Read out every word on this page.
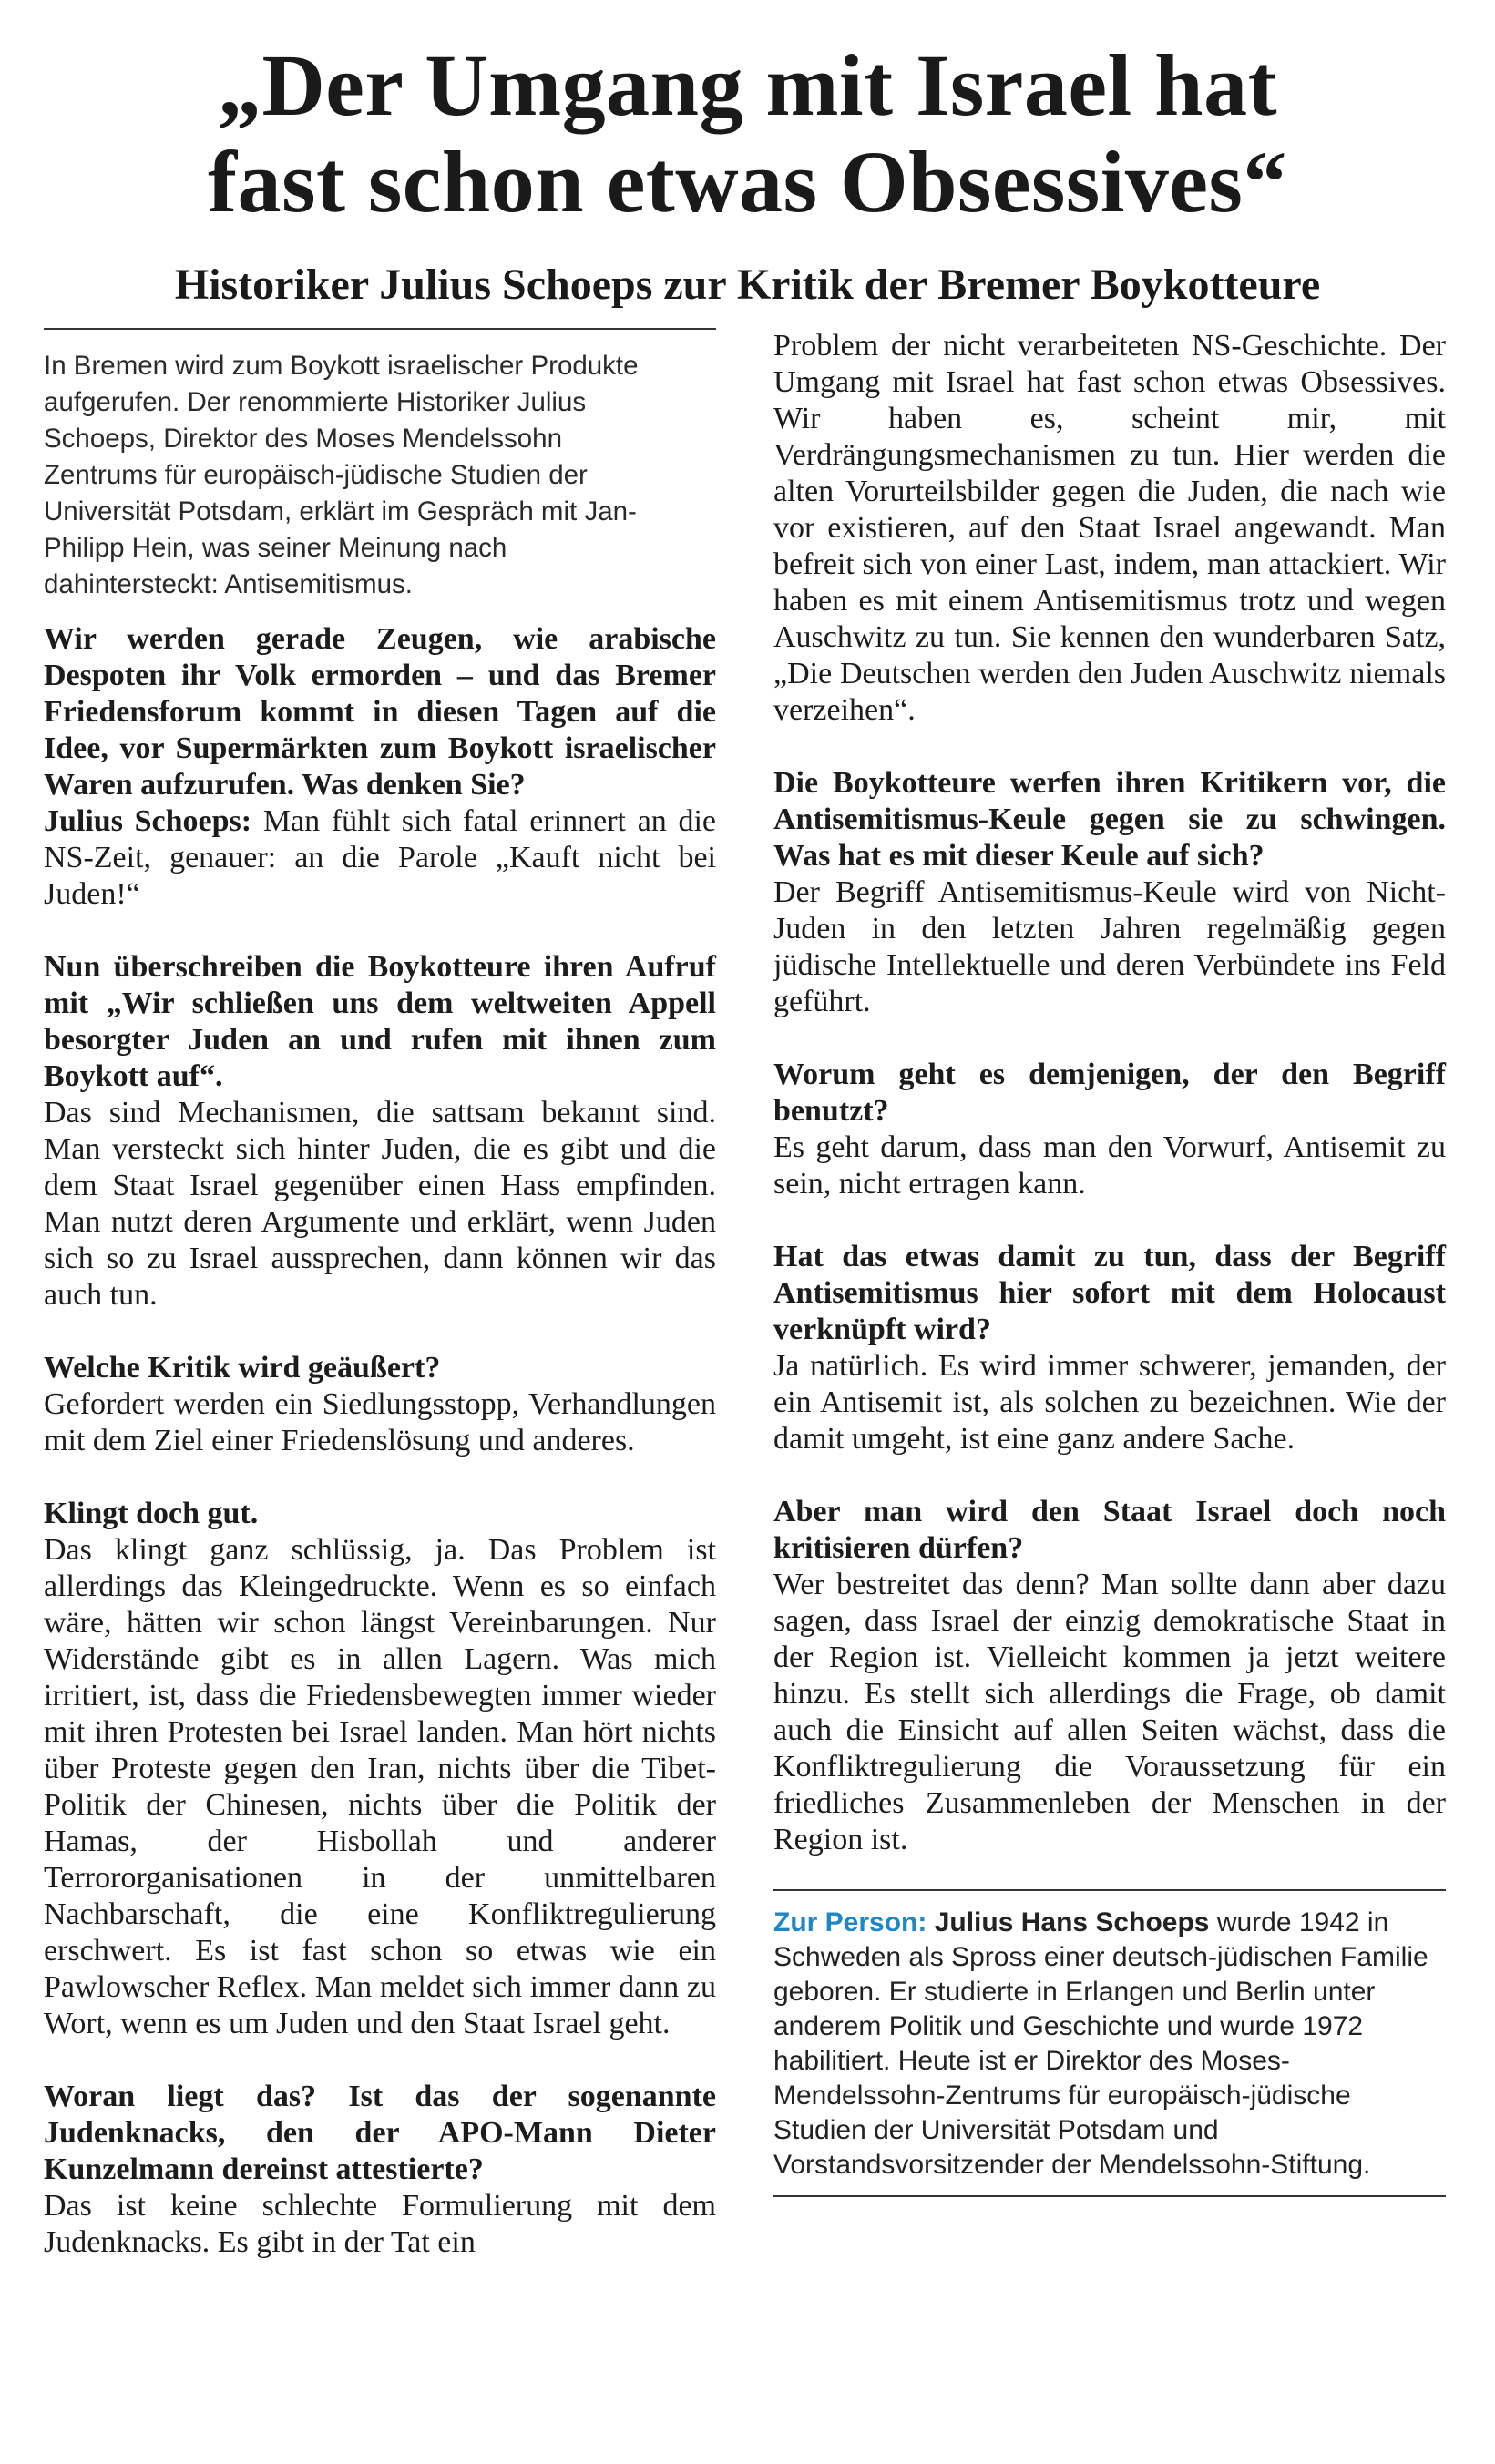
„Der Umgang mit Israel hat
fast schon etwas Obsessives“
Historiker Julius Schoeps zur Kritik der Bremer Boykotteure

In Bremen wird zum Boykott israelischer Produkte aufgerufen. Der renommierte Historiker Julius Schoeps, Direktor des Moses Mendelssohn Zentrums für europäisch-jüdische Studien der Universität Potsdam, erklärt im Gespräch mit Jan-Philipp Hein, was seiner Meinung nach dahintersteckt: Antisemitismus.

Wir werden gerade Zeugen, wie arabische Despoten ihr Volk ermorden – und das Bremer Friedensforum kommt in diesen Tagen auf die Idee, vor Supermärkten zum Boykott israelischer Waren aufzurufen. Was denken Sie?

Julius Schoeps: Man fühlt sich fatal erinnert an die NS-Zeit, genauer: an die Parole „Kauft nicht bei Juden!“

Nun überschreiben die Boykotteure ihren Aufruf mit „Wir schließen uns dem weltweiten Appell besorgter Juden an und rufen mit ihnen zum Boykott auf“.

Das sind Mechanismen, die sattsam bekannt sind. Man versteckt sich hinter Juden, die es gibt und die dem Staat Israel gegenüber einen Hass empfinden. Man nutzt deren Argumente und erklärt, wenn Juden sich so zu Israel aussprechen, dann können wir das auch tun.

Welche Kritik wird geäußert?

Gefordert werden ein Siedlungsstopp, Verhandlungen mit dem Ziel einer Friedenslösung und anderes.

Klingt doch gut.

Das klingt ganz schlüssig, ja. Das Problem ist allerdings das Kleingedruckte. Wenn es so einfach wäre, hätten wir schon längst Vereinbarungen. Nur Widerstände gibt es in allen Lagern. Was mich irritiert, ist, dass die Friedensbewegten immer wieder mit ihren Protesten bei Israel landen. Man hört nichts über Proteste gegen den Iran, nichts über die Tibet-Politik der Chinesen, nichts über die Politik der Hamas, der Hisbollah und anderer Terrororganisationen in der unmittelbaren Nachbarschaft, die eine Konfliktregulierung erschwert. Es ist fast schon so etwas wie ein Pawlowscher Reflex. Man meldet sich immer dann zu Wort, wenn es um Juden und den Staat Israel geht.

Woran liegt das? Ist das der sogenannte Judenknacks, den der APO-Mann Dieter Kunzelmann dereinst attestierte?

Das ist keine schlechte Formulierung mit dem Judenknacks. Es gibt in der Tat ein

Problem der nicht verarbeiteten NS-Geschichte. Der Umgang mit Israel hat fast schon etwas Obsessives. Wir haben es, scheint mir, mit Verdrängungsmechanismen zu tun. Hier werden die alten Vorurteilsbilder gegen die Juden, die nach wie vor existieren, auf den Staat Israel angewandt. Man befreit sich von einer Last, indem, man attackiert. Wir haben es mit einem Antisemitismus trotz und wegen Auschwitz zu tun. Sie kennen den wunderbaren Satz, „Die Deutschen werden den Juden Auschwitz niemals verzeihen“.

Die Boykotteure werfen ihren Kritikern vor, die Antisemitismus-Keule gegen sie zu schwingen. Was hat es mit dieser Keule auf sich?

Der Begriff Antisemitismus-Keule wird von Nicht-Juden in den letzten Jahren regelmäßig gegen jüdische Intellektuelle und deren Verbündete ins Feld geführt.

Worum geht es demjenigen, der den Begriff benutzt?

Es geht darum, dass man den Vorwurf, Antisemit zu sein, nicht ertragen kann.

Hat das etwas damit zu tun, dass der Begriff Antisemitismus hier sofort mit dem Holocaust verknüpft wird?

Ja natürlich. Es wird immer schwerer, jemanden, der ein Antisemit ist, als solchen zu bezeichnen. Wie der damit umgeht, ist eine ganz andere Sache.

Aber man wird den Staat Israel doch noch kritisieren dürfen?

Wer bestreitet das denn? Man sollte dann aber dazu sagen, dass Israel der einzig demokratische Staat in der Region ist. Vielleicht kommen ja jetzt weitere hinzu. Es stellt sich allerdings die Frage, ob damit auch die Einsicht auf allen Seiten wächst, dass die Konfliktregulierung die Voraussetzung für ein friedliches Zusammenleben der Menschen in der Region ist.

Zur Person: Julius Hans Schoeps wurde 1942 in Schweden als Spross einer deutsch-jüdischen Familie geboren. Er studierte in Erlangen und Berlin unter anderem Politik und Geschichte und wurde 1972 habilitiert. Heute ist er Direktor des Moses-Mendelssohn-Zentrums für europäisch-jüdische Studien der Universität Potsdam und Vorstandsvorsitzender der Mendelssohn-Stiftung.
